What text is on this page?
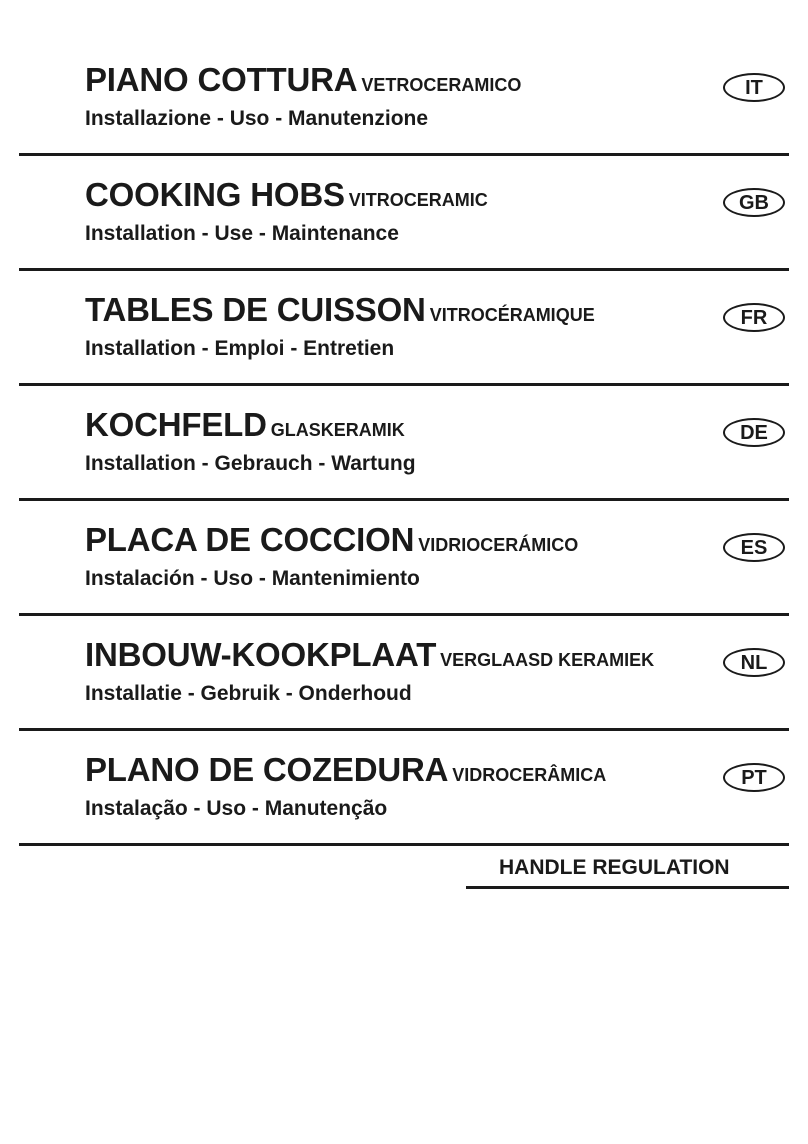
PIANO COTTURA VETROCERAMICO
Installazione - Uso - Manutenzione
IT
COOKING HOBS VITROCERAMIC
Installation - Use - Maintenance
GB
TABLES DE CUISSON VITROCÉRAMIQUE
Installation - Emploi - Entretien
FR
KOCHFELD GLASKERAMIK
Installation - Gebrauch - Wartung
DE
PLACA DE COCCION VIDRIOCERÁMICO
Instalación - Uso - Mantenimiento
ES
INBOUW-KOOKPLAAT VERGLAASD KERAMIEK
Installatie - Gebruik - Onderhoud
NL
PLANO DE COZEDURA VIDROCERÂMICA
Instalação - Uso - Manutenção
PT
HANDLE REGULATION
